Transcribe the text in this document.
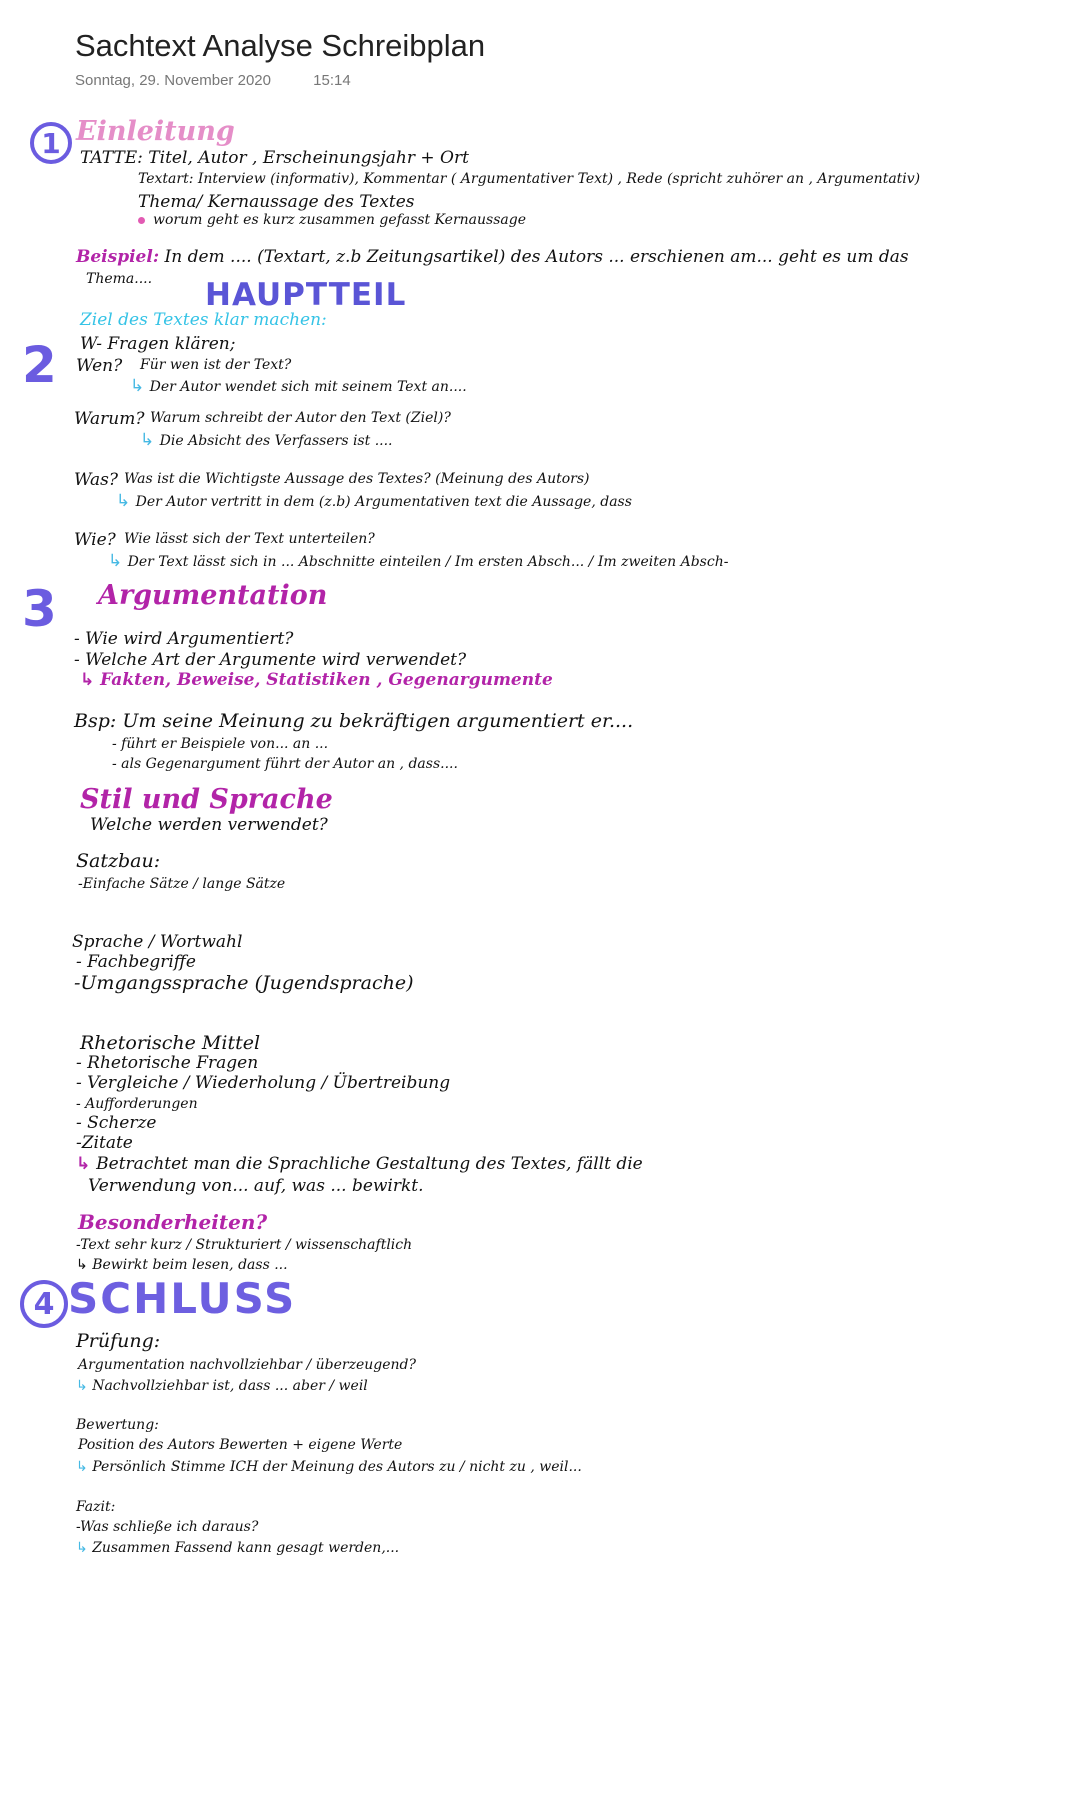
Sachtext Analyse Schreibplan
Sonntag, 29. November 2020	15:14
1 Einleitung
TATTE: Titel, Autor , Erscheinungsjahr + Ort
Textart: Interview (informativ), Kommentar ( Argumentativer Text) , Rede (spricht zuhörer an , Argumentativ)
Thema/ Kernaussage des Textes
worum geht es kurz zusammen gefasst Kernaussage
Beispiel: In dem .... (Textart, z.b Zeitungsartikel) des Autors ... erschienen am... geht es um das
Thema.... HAUPTTEIL
2
Ziel des Textes klar machen:
W- Fragen klären;
Wen? Für wen ist der Text?
↳ Der Autor wendet sich mit seinem Text an....
Warum? Warum schreibt der Autor den Text (Ziel)?
↳ Die Absicht des Verfassers ist ....
Was? Was ist die Wichtigste Aussage des Textes? (Meinung des Autors)
↳ Der Autor vertritt in dem (z.b) Argumentativen text die Aussage, dass
Wie? Wie lässt sich der Text unterteilen?
↳ Der Text lässt sich in ... Abschnitte einteilen / Im ersten Absch... / Im zweiten Absch-
3 Argumentation
- Wie wird Argumentiert?
- Welche Art der Argumente wird verwendet?
↳ Fakten, Beweise, Statistiken , Gegenargumente
Bsp: Um seine Meinung zu bekräftigen argumentiert er....
- führt er Beispiele von... an ...
- als Gegenargument führt der Autor an , dass....
Stil und Sprache
Welche werden verwendet?
Satzbau:
-Einfache Sätze / lange Sätze
Sprache / Wortwahl
- Fachbegriffe
-Umgangssprache (Jugendsprache)
Rhetorische Mittel
- Rhetorische Fragen
- Vergleiche / Wiederholung / Übertreibung
- Aufforderungen
- Scherze
-Zitate
↳ Betrachtet man die Sprachliche Gestaltung des Textes, fällt die
Verwendung von... auf, was ... bewirkt.
Besonderheiten?
-Text sehr kurz / Strukturiert / wissenschaftlich
↳ Bewirkt beim lesen, dass ...
4 SCHLUSS
Prüfung:
Argumentation nachvollziehbar / überzeugend?
↳ Nachvollziehbar ist, dass ... aber / weil
Bewertung:
Position des Autors Bewerten + eigene Werte
↳ Persönlich Stimme ICH der Meinung des Autors zu / nicht zu , weil...
Fazit:
-Was schließe ich daraus?
↳ Zusammen Fassend kann gesagt werden,...
